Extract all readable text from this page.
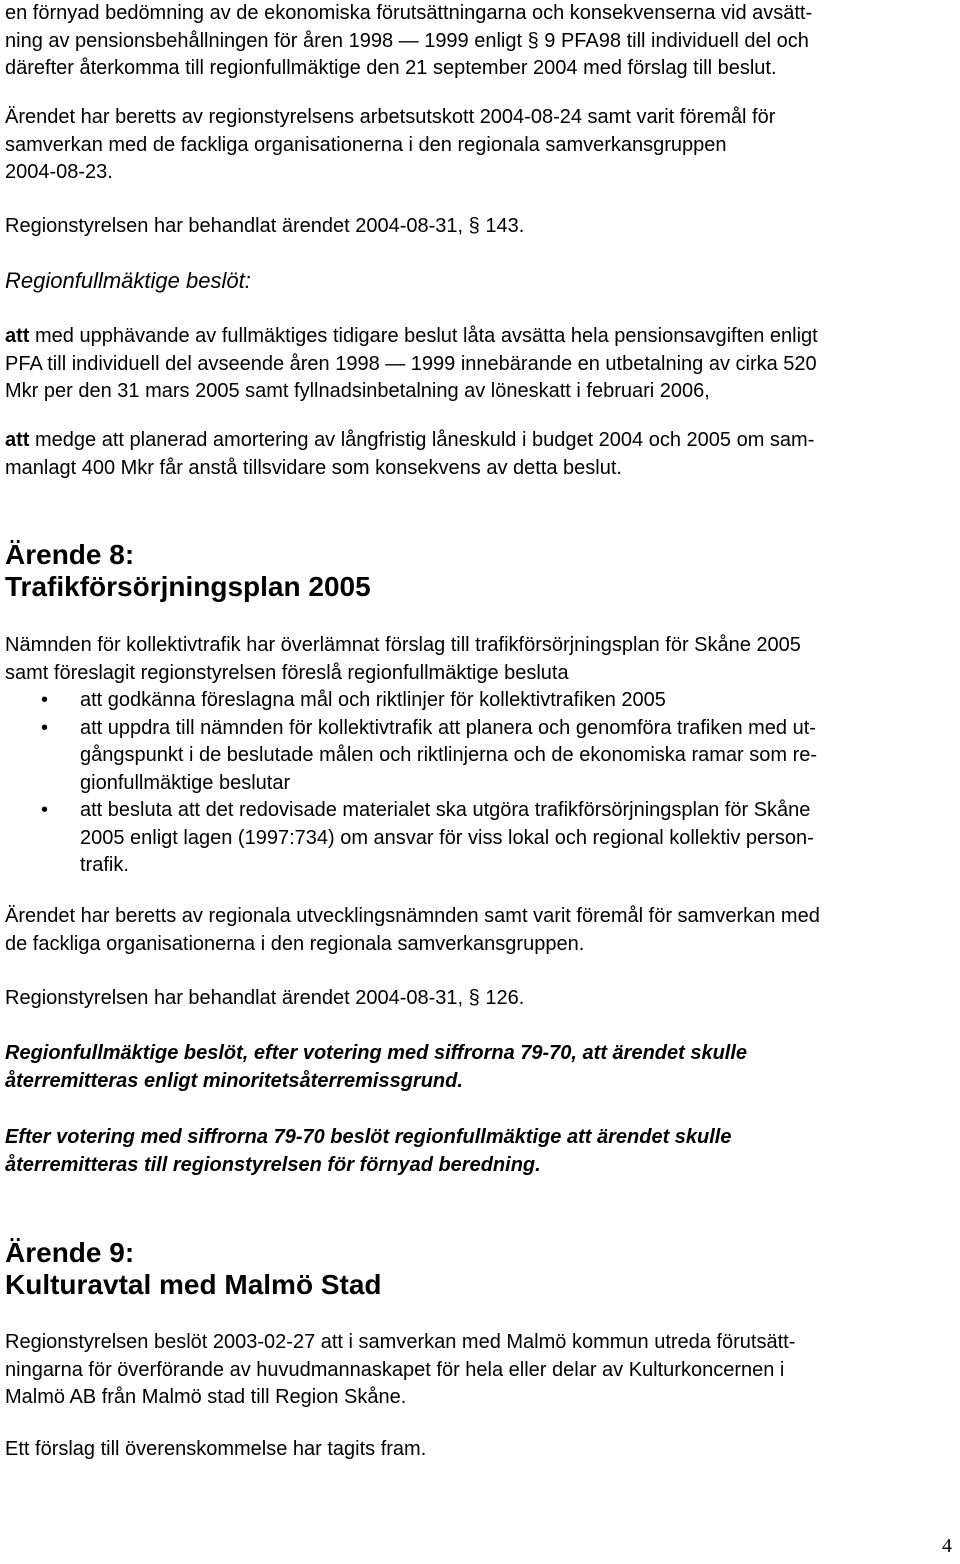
en förnyad bedömning av de ekonomiska förutsättningarna och konsekvenserna vid avsätt-
ning av pensionsbehållningen för åren 1998 — 1999 enligt § 9 PFA98 till individuell del och
därefter återkomma till regionfullmäktige den 21 september 2004 med förslag till beslut.
Ärendet har beretts av regionstyrelsens arbetsutskott 2004-08-24 samt varit föremål för
samverkan med de fackliga organisationerna i den regionala samverkansgruppen
2004-08-23.
Regionstyrelsen har behandlat ärendet 2004-08-31, § 143.
Regionfullmäktige beslöt:
att med upphävande av fullmäktiges tidigare beslut låta avsätta hela pensionsavgiften enligt
PFA till individuell del avseende åren 1998 — 1999 innebärande en utbetalning av cirka 520
Mkr per den 31 mars 2005 samt fyllnadsinbetalning av löneskatt i februari 2006,
att medge att planerad amortering av långfristig låneskuld i budget 2004 och 2005 om sam-
manlagt 400 Mkr får anstå tillsvidare som konsekvens av detta beslut.
Ärende 8:
Trafikförsörjningsplan 2005
Nämnden för kollektivtrafik har överlämnat förslag till trafikförsörjningsplan för Skåne 2005
samt föreslagit regionstyrelsen föreslå regionfullmäktige besluta
• att godkänna föreslagna mål och riktlinjer för kollektivtrafiken 2005
• att uppdra till nämnden för kollektivtrafik att planera och genomföra trafiken med ut-
gångspunkt i de beslutade målen och riktlinjerna och de ekonomiska ramar som re-
gionfullmäktige beslutar
• att besluta att det redovisade materialet ska utgöra trafikförsörjningsplan för Skåne
2005 enligt lagen (1997:734) om ansvar för viss lokal och regional kollektiv person-
trafik.
Ärendet har beretts av regionala utvecklingsnämnden samt varit föremål för samverkan med
de fackliga organisationerna i den regionala samverkansgruppen.
Regionstyrelsen har behandlat ärendet 2004-08-31, § 126.
Regionfullmäktige beslöt, efter votering med siffrorna 79-70, att ärendet skulle
återremitteras enligt minoritetsåterremissgrund.
Efter votering med siffrorna 79-70 beslöt regionfullmäktige att ärendet skulle
återremitteras till regionstyrelsen för förnyad beredning.
Ärende 9:
Kulturavtal med Malmö Stad
Regionstyrelsen beslöt 2003-02-27 att i samverkan med Malmö kommun utreda förutsätt-
ningarna för överförande av huvudmannaskapet för hela eller delar av Kulturkoncernen i
Malmö AB från Malmö stad till Region Skåne.
Ett förslag till överenskommelse har tagits fram.
4
